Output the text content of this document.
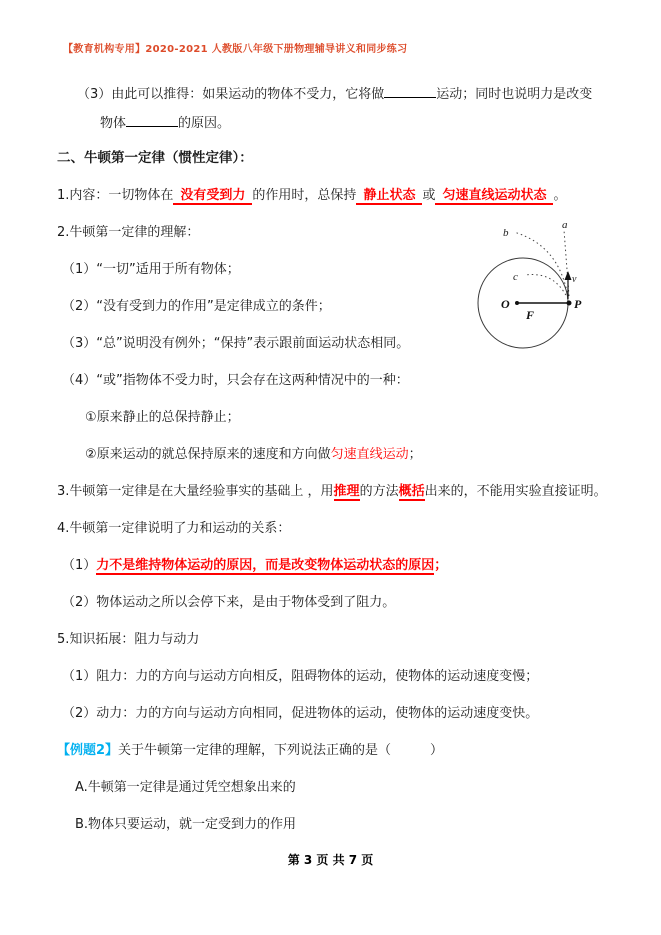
【教育机构专用】2020-2021 人教版八年级下册物理辅导讲义和同步练习

（3）由此可以推得：如果运动的物体不受力，它将做	运动；同时也说明力是改变

物体	的原因。

二、牛顿第一定律（惯性定律）：

1.内容：一切物体在 没有受到力 的作用时，总保持 静止状态 或 匀速直线运动状态 。

2.牛顿第一定律的理解：

（1）“一切”适用于所有物体；

（2）“没有受到力的作用”是定律成立的条件；

（3）“总”说明没有例外；“保持”表示跟前面运动状态相同。

（4）“或”指物体不受力时，只会存在这两种情况中的一种：

①原来静止的总保持静止；

②原来运动的就总保持原来的速度和方向做匀速直线运动；

3.牛顿第一定律是在大量经验事实的基础上 ，用推理的方法概括出来的，不能用实验直接证明。

4.牛顿第一定律说明了力和运动的关系：

（1）力不是维持物体运动的原因，而是改变物体运动状态的原因；

（2）物体运动之所以会停下来，是由于物体受到了阻力。

5.知识拓展：阻力与动力

（1）阻力：力的方向与运动方向相反，阻碍物体的运动，使物体的运动速度变慢；

（2）动力：力的方向与运动方向相同，促进物体的运动，使物体的运动速度变快。

【例题2】关于牛顿第一定律的理解，下列说法正确的是（　　　）

A.牛顿第一定律是通过凭空想象出来的

B.物体只要运动，就一定受到力的作用

a
b
c	v
O	P
F
第 3 页 共 7 页
